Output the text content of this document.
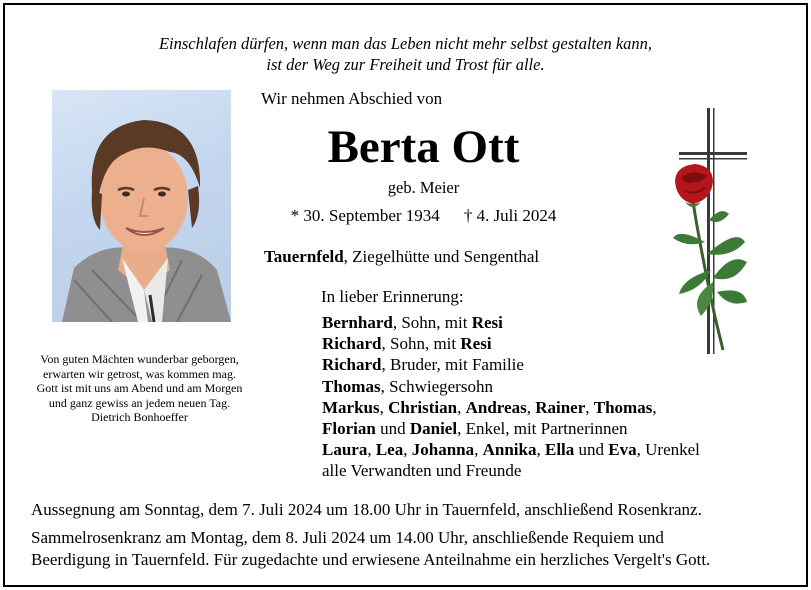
Einschlafen dürfen, wenn man das Leben nicht mehr selbst gestalten kann,
ist der Weg zur Freiheit und Trost für alle.
Wir nehmen Abschied von
Berta Ott
geb. Meier
* 30. September 1934 † 4. Juli 2024
Tauernfeld, Ziegelhütte und Sengenthal
Von guten Mächten wunderbar geborgen,
erwarten wir getrost, was kommen mag.
Gott ist mit uns am Abend und am Morgen
und ganz gewiss an jedem neuen Tag.
Dietrich Bonhoeffer
In lieber Erinnerung:
Bernhard, Sohn, mit Resi
Richard, Sohn, mit Resi
Richard, Bruder, mit Familie
Thomas, Schwiegersohn
Markus, Christian, Andreas, Rainer, Thomas,
Florian und Daniel, Enkel, mit Partnerinnen
Laura, Lea, Johanna, Annika, Ella und Eva, Urenkel
alle Verwandten und Freunde
Aussegnung am Sonntag, dem 7. Juli 2024 um 18.00 Uhr in Tauernfeld, anschließend Rosenkranz.
Sammelrosenkranz am Montag, dem 8. Juli 2024 um 14.00 Uhr, anschließende Requiem und
Beerdigung in Tauernfeld. Für zugedachte und erwiesene Anteilnahme ein herzliches Vergelt's Gott.
